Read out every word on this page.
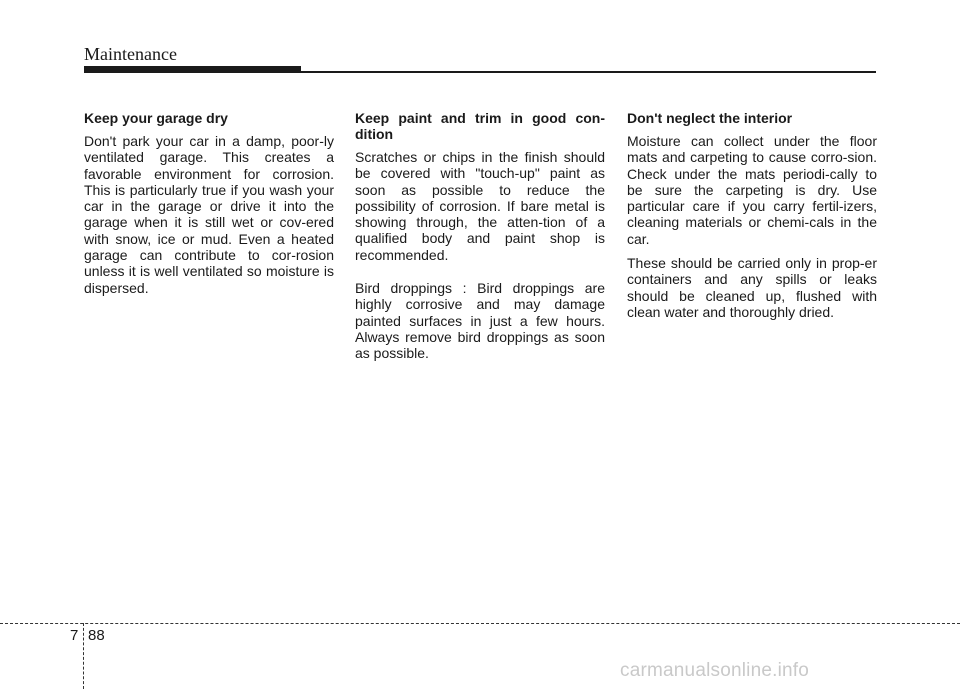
Maintenance

Keep your garage dry

Don't park your car in a damp, poor-ly ventilated garage. This creates a favorable environment for corrosion. This is particularly true if you wash your car in the garage or drive it into the garage when it is still wet or cov-ered with snow, ice or mud. Even a heated garage can contribute to cor-rosion unless it is well ventilated so moisture is dispersed.

Keep paint and trim in good con-dition

Scratches or chips in the finish should be covered with "touch-up" paint as soon as possible to reduce the possibility of corrosion. If bare metal is showing through, the atten-tion of a qualified body and paint shop is recommended.

Bird droppings : Bird droppings are highly corrosive and may damage painted surfaces in just a few hours. Always remove bird droppings as soon as possible.

Don't neglect the interior

Moisture can collect under the floor mats and carpeting to cause corro-sion. Check under the mats periodi-cally to be sure the carpeting is dry. Use particular care if you carry fertil-izers, cleaning materials or chemi-cals in the car.

These should be carried only in prop-er containers and any spills or leaks should be cleaned up, flushed with clean water and thoroughly dried.

7 88
carmanualsonline.info
